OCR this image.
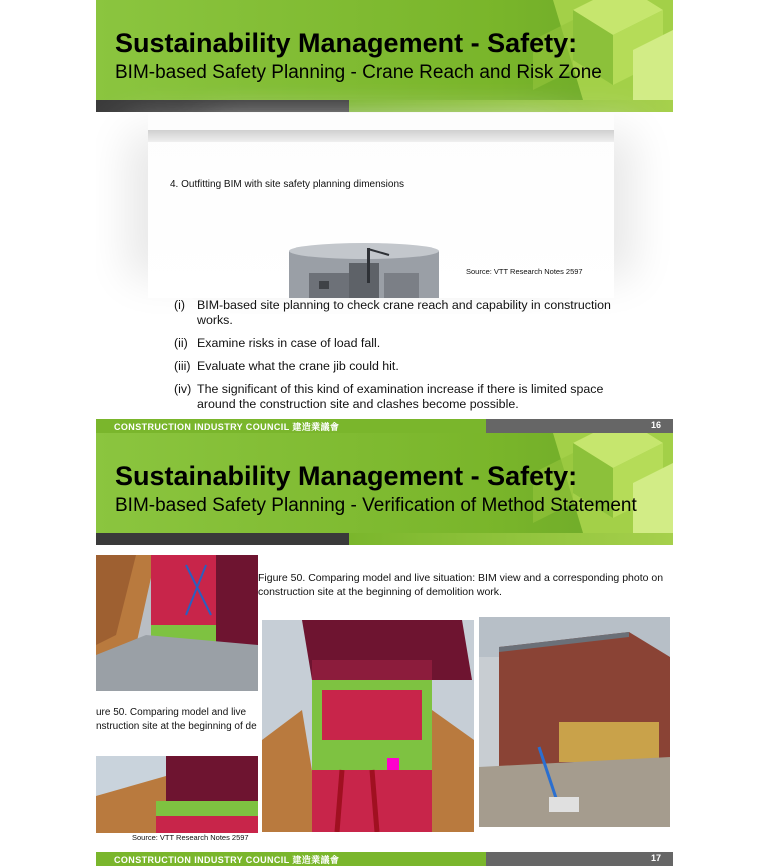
Sustainability Management - Safety:
BIM-based Safety Planning - Crane Reach and Risk Zone
4. Outfitting BIM with site safety planning dimensions
Source: VTT Research Notes 2597
(i) BIM-based site planning to check crane reach and capability in construction works.
(ii) Examine risks in case of load fall.
(iii) Evaluate what the crane jib could hit.
(iv) The significant of this kind of examination increase if there is limited space around the construction site and clashes become possible.
CONSTRUCTION INDUSTRY COUNCIL 建造業議會	16
Sustainability Management - Safety:
BIM-based Safety Planning - Verification of Method Statement
ure 50. Comparing model and live
nstruction site at the beginning of de
Figure 50. Comparing model and live situation: BIM view and a corresponding photo on construction site at the beginning of demolition work.
Source: VTT Research Notes 2597
CONSTRUCTION INDUSTRY COUNCIL 建造業議會	17
